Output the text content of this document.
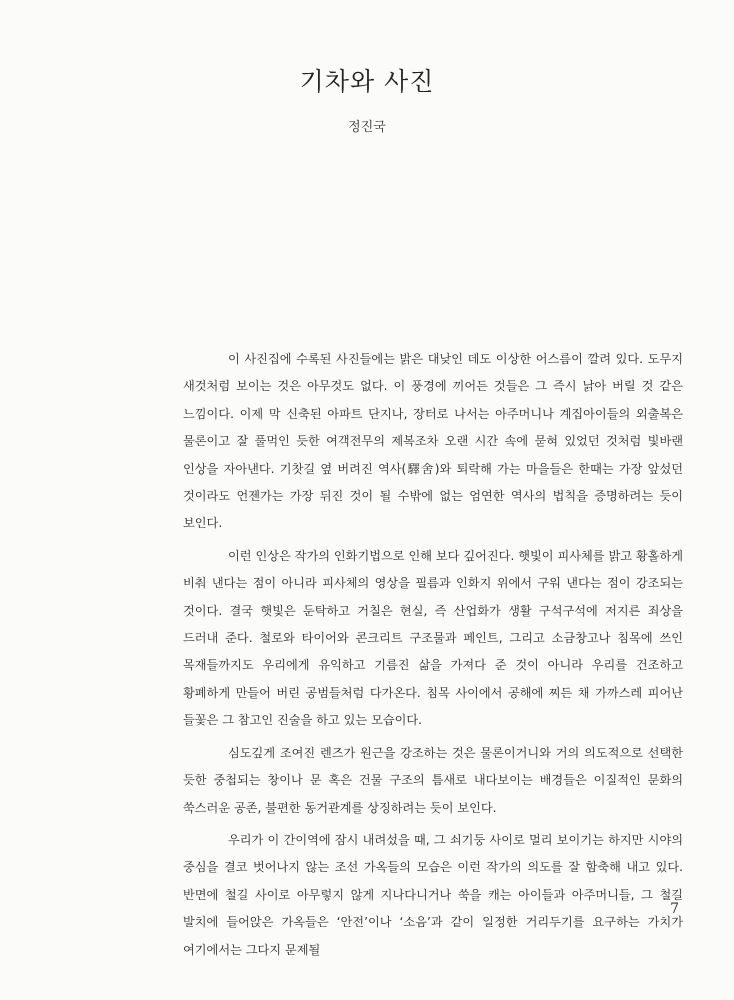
기차와 사진
정진국

이 사진집에 수록된 사진들에는 밝은 대낮인 데도 이상한 어스름이 깔려 있다. 도무지 새것처럼 보이는 것은 아무것도 없다. 이 풍경에 끼어든 것들은 그 즉시 낡아 버릴 것 같은 느낌이다. 이제 막 신축된 아파트 단지나, 장터로 나서는 아주머니나 계집아이들의 외출복은 물론이고 잘 풀먹인 듯한 여객전무의 제복조차 오랜 시간 속에 묻혀 있었던 것처럼 빛바랜 인상을 자아낸다. 기찻길 옆 버려진 역사(驛舍)와 퇴락해 가는 마을들은 한때는 가장 앞섰던 것이라도 언젠가는 가장 뒤진 것이 될 수밖에 없는 엄연한 역사의 법칙을 증명하려는 듯이 보인다.

이런 인상은 작가의 인화기법으로 인해 보다 깊어진다. 햇빛이 피사체를 밝고 황홀하게 비춰 낸다는 점이 아니라 피사체의 영상을 필름과 인화지 위에서 구워 낸다는 점이 강조되는 것이다. 결국 햇빛은 둔탁하고 거칠은 현실, 즉 산업화가 생활 구석구석에 저지른 죄상을 드러내 준다. 철로와 타이어와 콘크리트 구조물과 페인트, 그리고 소금창고나 침목에 쓰인 목재들까지도 우리에게 유익하고 기름진 삶을 가져다 준 것이 아니라 우리를 건조하고 황폐하게 만들어 버린 공범들처럼 다가온다. 침목 사이에서 공해에 찌든 채 가까스레 피어난 들꽃은 그 참고인 진술을 하고 있는 모습이다.

심도깊게 조여진 렌즈가 원근을 강조하는 것은 물론이거니와 거의 의도적으로 선택한 듯한 중첩되는 창이나 문 혹은 건물 구조의 틈새로 내다보이는 배경들은 이질적인 문화의 쑥스러운 공존, 불편한 동거관계를 상징하려는 듯이 보인다.

우리가 이 간이역에 잠시 내려섰을 때, 그 쇠기둥 사이로 멀리 보이기는 하지만 시야의 중심을 결코 벗어나지 않는 조선 가옥들의 모습은 이런 작가의 의도를 잘 함축해 내고 있다. 반면에 철길 사이로 아무렇지 않게 지나다니거나 쑥을 캐는 아이들과 아주머니들, 그 철길 발치에 들어앉은 가옥들은 ‘안전’이나 ‘소음’과 같이 일정한 거리두기를 요구하는 가치가 여기에서는 그다지 문제될

7
